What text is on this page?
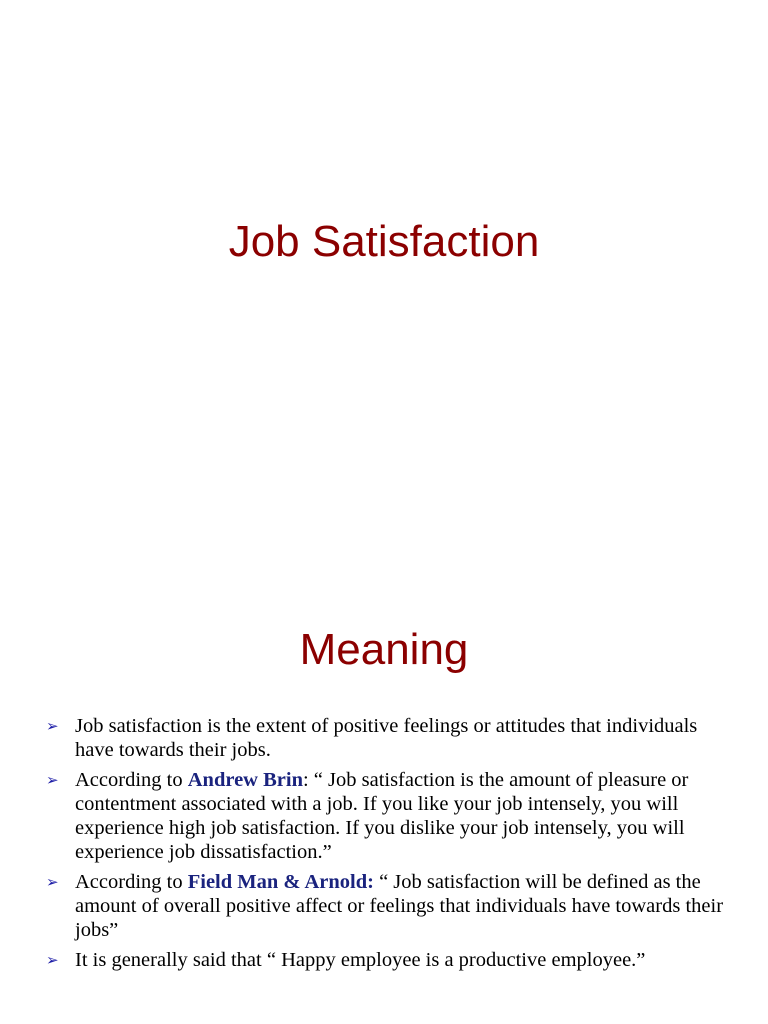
Job Satisfaction
Meaning
➢ Job satisfaction is the extent of positive feelings or attitudes that individuals have towards their jobs.
➢ According to Andrew Brin: “ Job satisfaction is the amount of pleasure or contentment associated with a job. If you like your job intensely, you will experience high job satisfaction. If you dislike your job intensely, you will experience job dissatisfaction.”
➢ According to Field Man & Arnold: “ Job satisfaction will be defined as the amount of overall positive affect or feelings that individuals have towards their jobs”
➢ It is generally said that “ Happy employee is a productive employee.”
